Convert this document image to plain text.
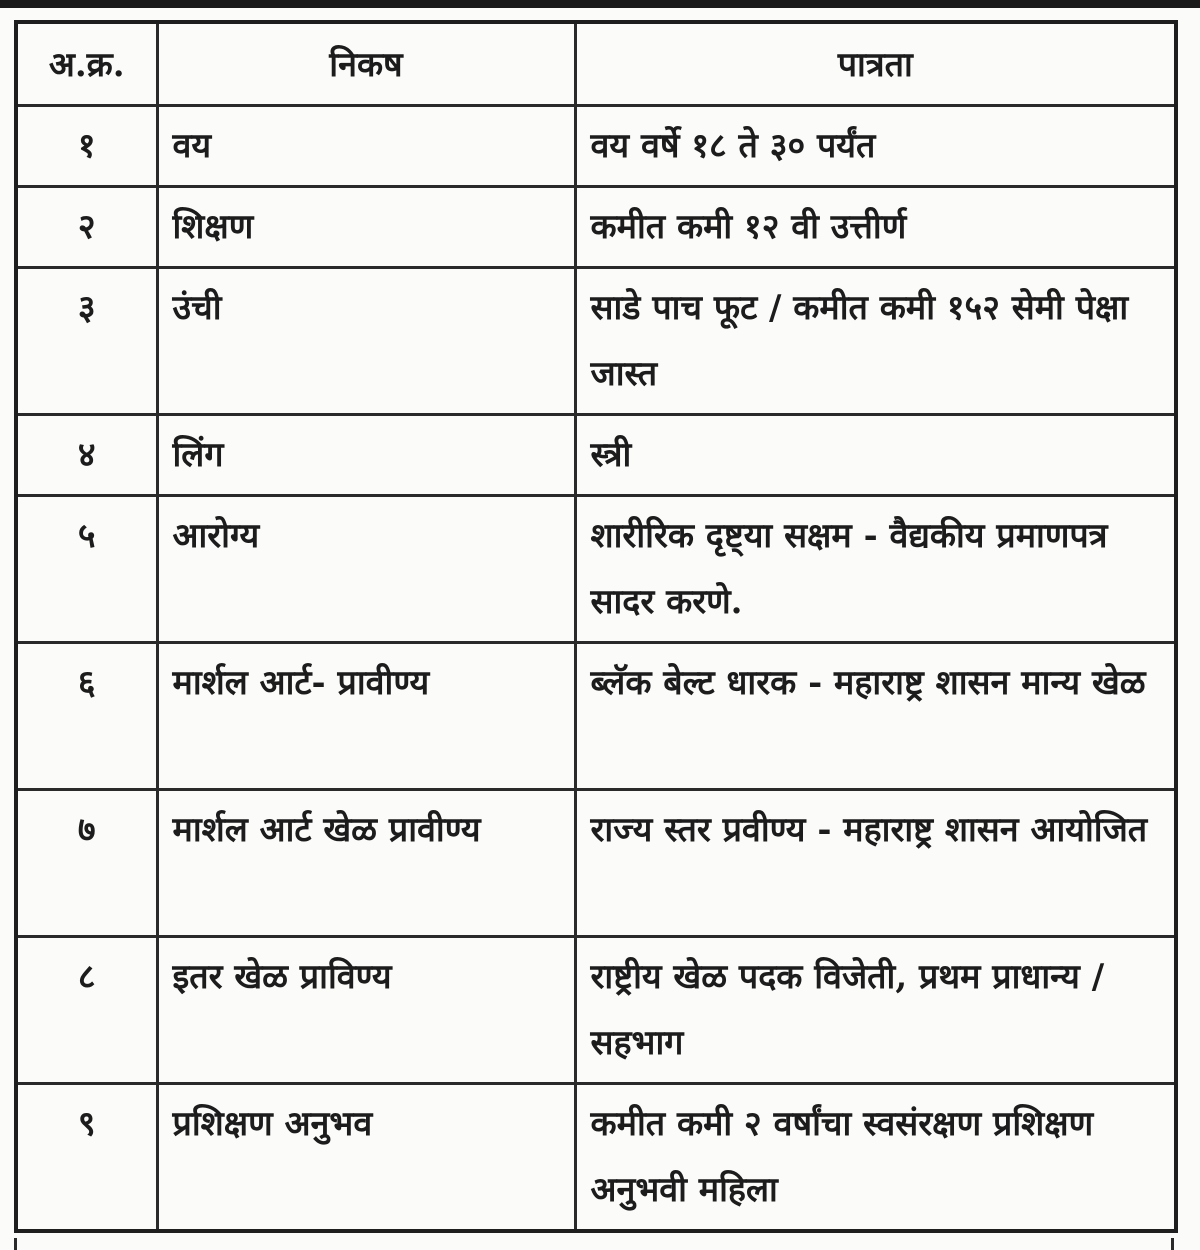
अ.क्र.	निकष	पात्रता
१	वय	वय वर्षे १८ ते ३० पर्यंत
२	शिक्षण	कमीत कमी १२ वी उत्तीर्ण
३	उंची	साडे पाच फूट / कमीत कमी १५२ सेमी पेक्षा जास्त
४	लिंग	स्त्री
५	आरोग्य	शारीरिक दृष्ट्या सक्षम - वैद्यकीय प्रमाणपत्र सादर करणे.
६	मार्शल आर्ट- प्रावीण्य	ब्लॅक बेल्ट धारक - महाराष्ट्र शासन मान्य खेळ
७	मार्शल आर्ट खेळ प्रावीण्य	राज्य स्तर प्रवीण्य - महाराष्ट्र शासन आयोजित
८	इतर खेळ प्राविण्य	राष्ट्रीय खेळ पदक विजेती, प्रथम प्राधान्य / सहभाग
९	प्रशिक्षण अनुभव	कमीत कमी २ वर्षांचा स्वसंरक्षण प्रशिक्षण अनुभवी महिला
